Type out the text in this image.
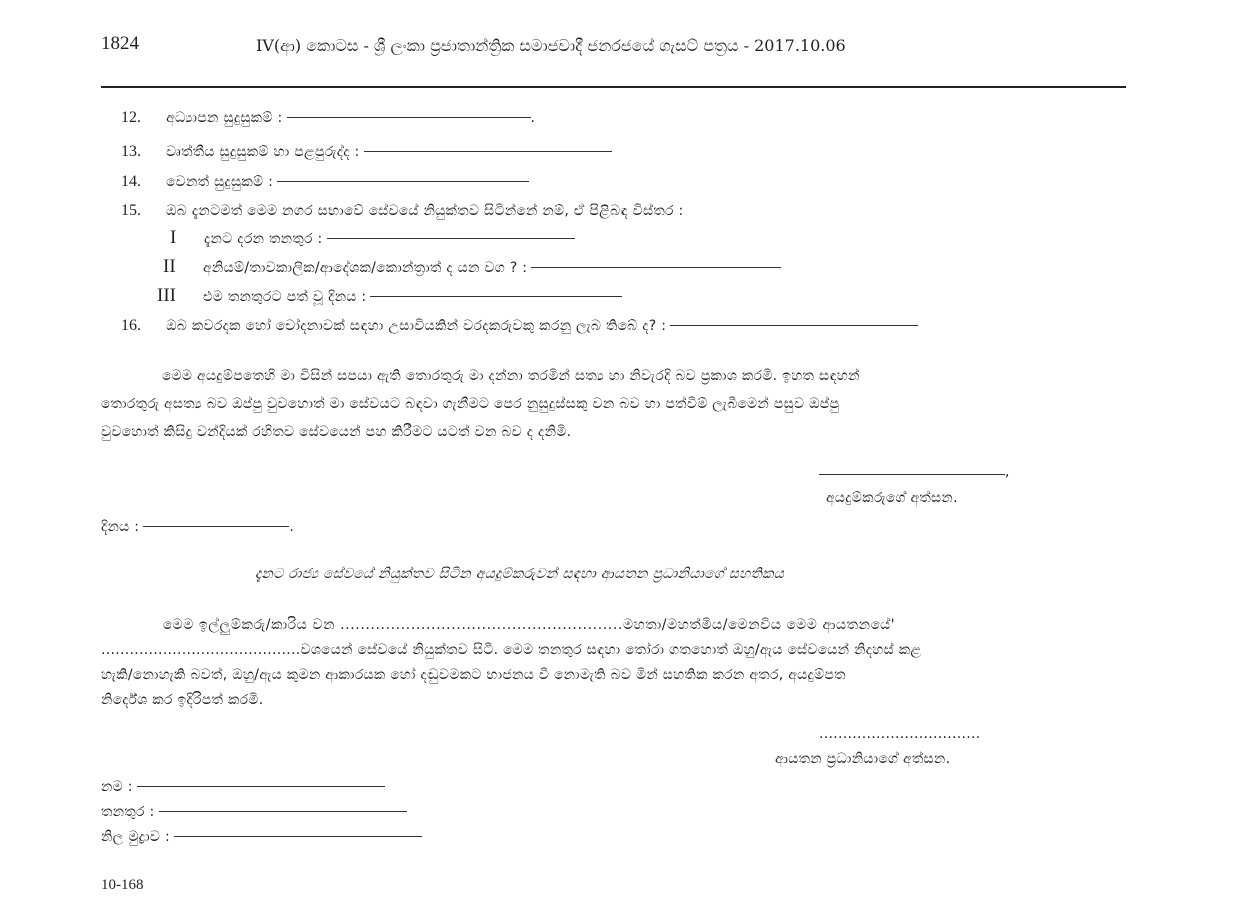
1824	IV(ආ) කොටස - ශ්‍රී ලංකා ප්‍රජාතාන්ත්‍රික සමාජවාදී ජනරජයේ ගැසට් පත්‍රය - 2017.10.06
12. අධ්‍යාපන සුදුසුකම් :	.
13. වෘත්තීය සුදුසුකම් හා පළපුරුද්ද :
14. වෙනත් සුදුසුකම් :
15. ඔබ දැනටමත් මෙම නගර සභාවේ සේවයේ නියුක්තව සිටින්නේ නම්, ඒ පිළිබඳ විස්තර :
I දැනට දරන තනතුර :
II අනියම්/තාවකාලික/ආදේශක/කොන්ත්‍රාත් ද යන වග ? :
III එම තනතුරට පත් වූ දිනය :
16. ඔබ කවරදක හෝ චෝදනාවක් සඳහා උසාවියකින් වරදකරුවකු කරනු ලැබ තිබේ ද? :
මෙම අයදුම්පතෙහි මා විසින් සපයා ඇති තොරතුරු මා දන්නා තරමින් සත්‍ය හා නිවැරදි බව ප්‍රකාශ කරමි. ඉහත සඳහන්
තොරතුරු අසත්‍ය බව ඔප්පු වුවහොත් මා සේවයට බඳවා ගැනීමට පෙර නුසුදුස්සකු වන බව හා පත්වීම් ලැබීමෙන් පසුව ඔප්පු
වුවහොත් කිසිදු වන්දියක් රහිතව සේවයෙන් පහ කිරීමට යටත් වන බව ද දනිමි.
,
අයදුම්කරුගේ අත්සන.
දිනය :	.
දැනට රාජ්‍ය සේවයේ නියුක්තව සිටින අයදුම්කරුවන් සඳහා ආයතන ප්‍රධානියාගේ සහතිකය
මෙම ඉල්ලුම්කරු/කාරිය වන ........................................................මහතා/මහත්මිය/මෙනවිය මෙම ආයතනයේ'
..........................................වශයෙන් සේවයේ නියුක්තව සිටී. මෙම තනතුර සඳහා තෝරා ගතහොත් ඔහු/ඇය සේවයෙන් නිදහස් කළ
හැකි/නොහැකි බවත්, ඔහු/ඇය කුමන ආකාරයක හෝ දඬුවමකට භාජනය වී නොමැති බව මින් සහතික කරන අතර, අයදුම්පත
නිර්දේශ කර ඉදිරිපත් කරමි.
..................................
ආයතන ප්‍රධානියාගේ අත්සන.
නම :
තනතුර :
නිල මුද්‍රාව :
10-168
